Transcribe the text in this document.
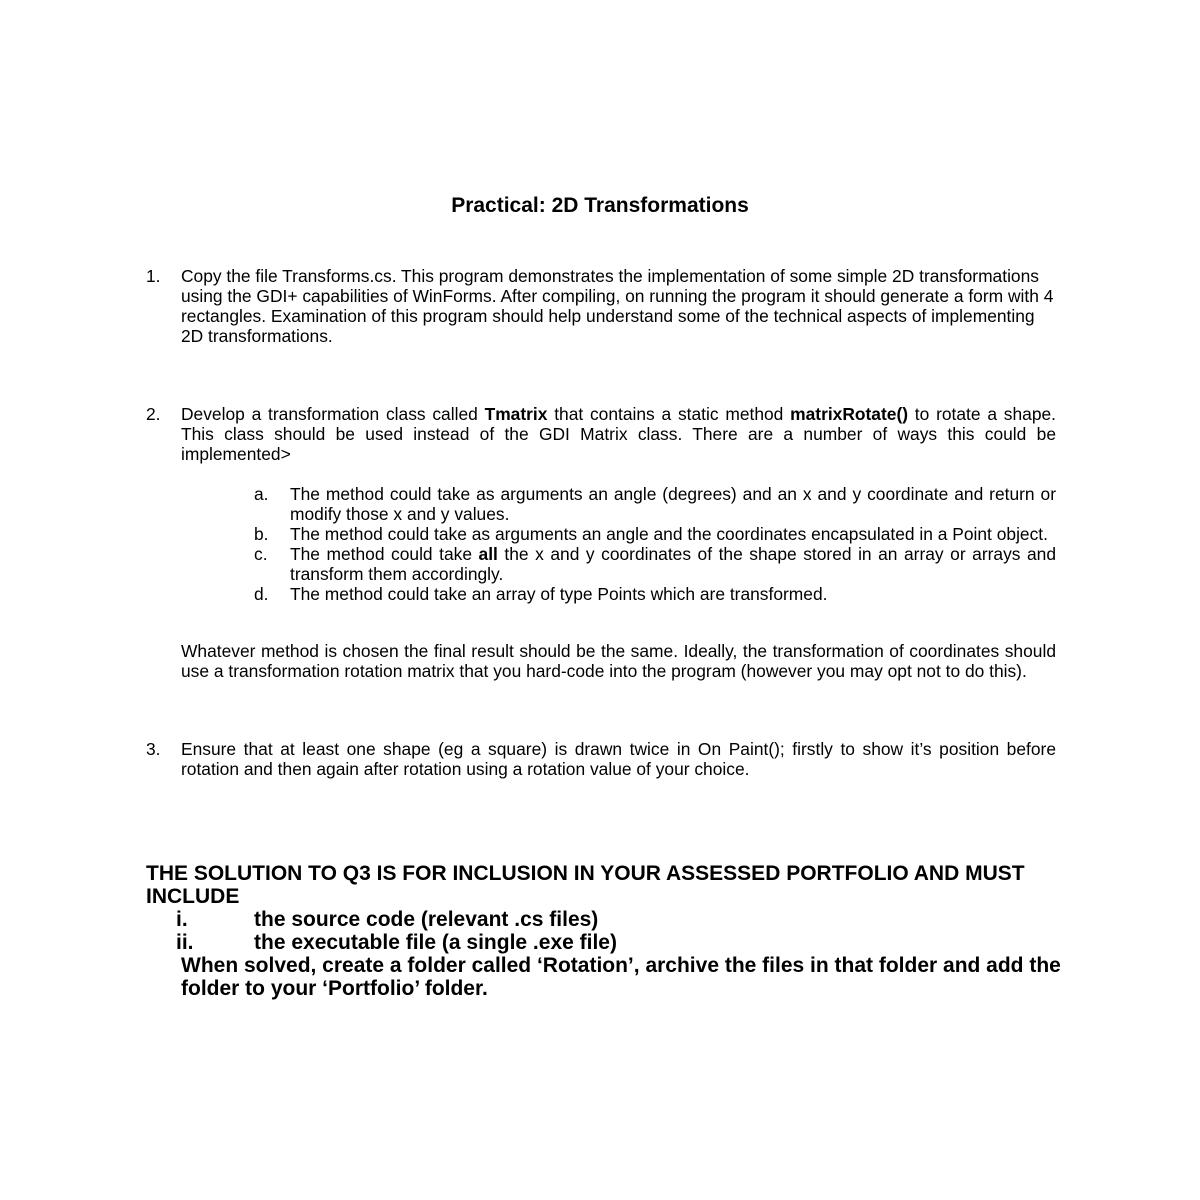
Practical: 2D Transformations
1. Copy the file Transforms.cs. This program demonstrates the implementation of some simple 2D transformations using the GDI+ capabilities of WinForms. After compiling, on running the program it should generate a form with 4 rectangles. Examination of this program should help understand some of the technical aspects of implementing 2D transformations.
2. Develop a transformation class called Tmatrix that contains a static method matrixRotate() to rotate a shape. This class should be used instead of the GDI Matrix class. There are a number of ways this could be implemented>
a. The method could take as arguments an angle (degrees) and an x and y coordinate and return or modify those x and y values.
b. The method could take as arguments an angle and the coordinates encapsulated in a Point object.
c. The method could take all the x and y coordinates of the shape stored in an array or arrays and transform them accordingly.
d. The method could take an array of type Points which are transformed.
Whatever method is chosen the final result should be the same. Ideally, the transformation of coordinates should use a transformation rotation matrix that you hard-code into the program (however you may opt not to do this).
3. Ensure that at least one shape (eg a square) is drawn twice in On Paint(); firstly to show it’s position before rotation and then again after rotation using a rotation value of your choice.
THE SOLUTION TO Q3 IS FOR INCLUSION IN YOUR ASSESSED PORTFOLIO AND MUST INCLUDE
i.	the source code (relevant .cs files)
ii.	the executable file (a single .exe file)
When solved, create a folder called ‘Rotation’, archive the files in that folder and add the folder to your ‘Portfolio’ folder.
